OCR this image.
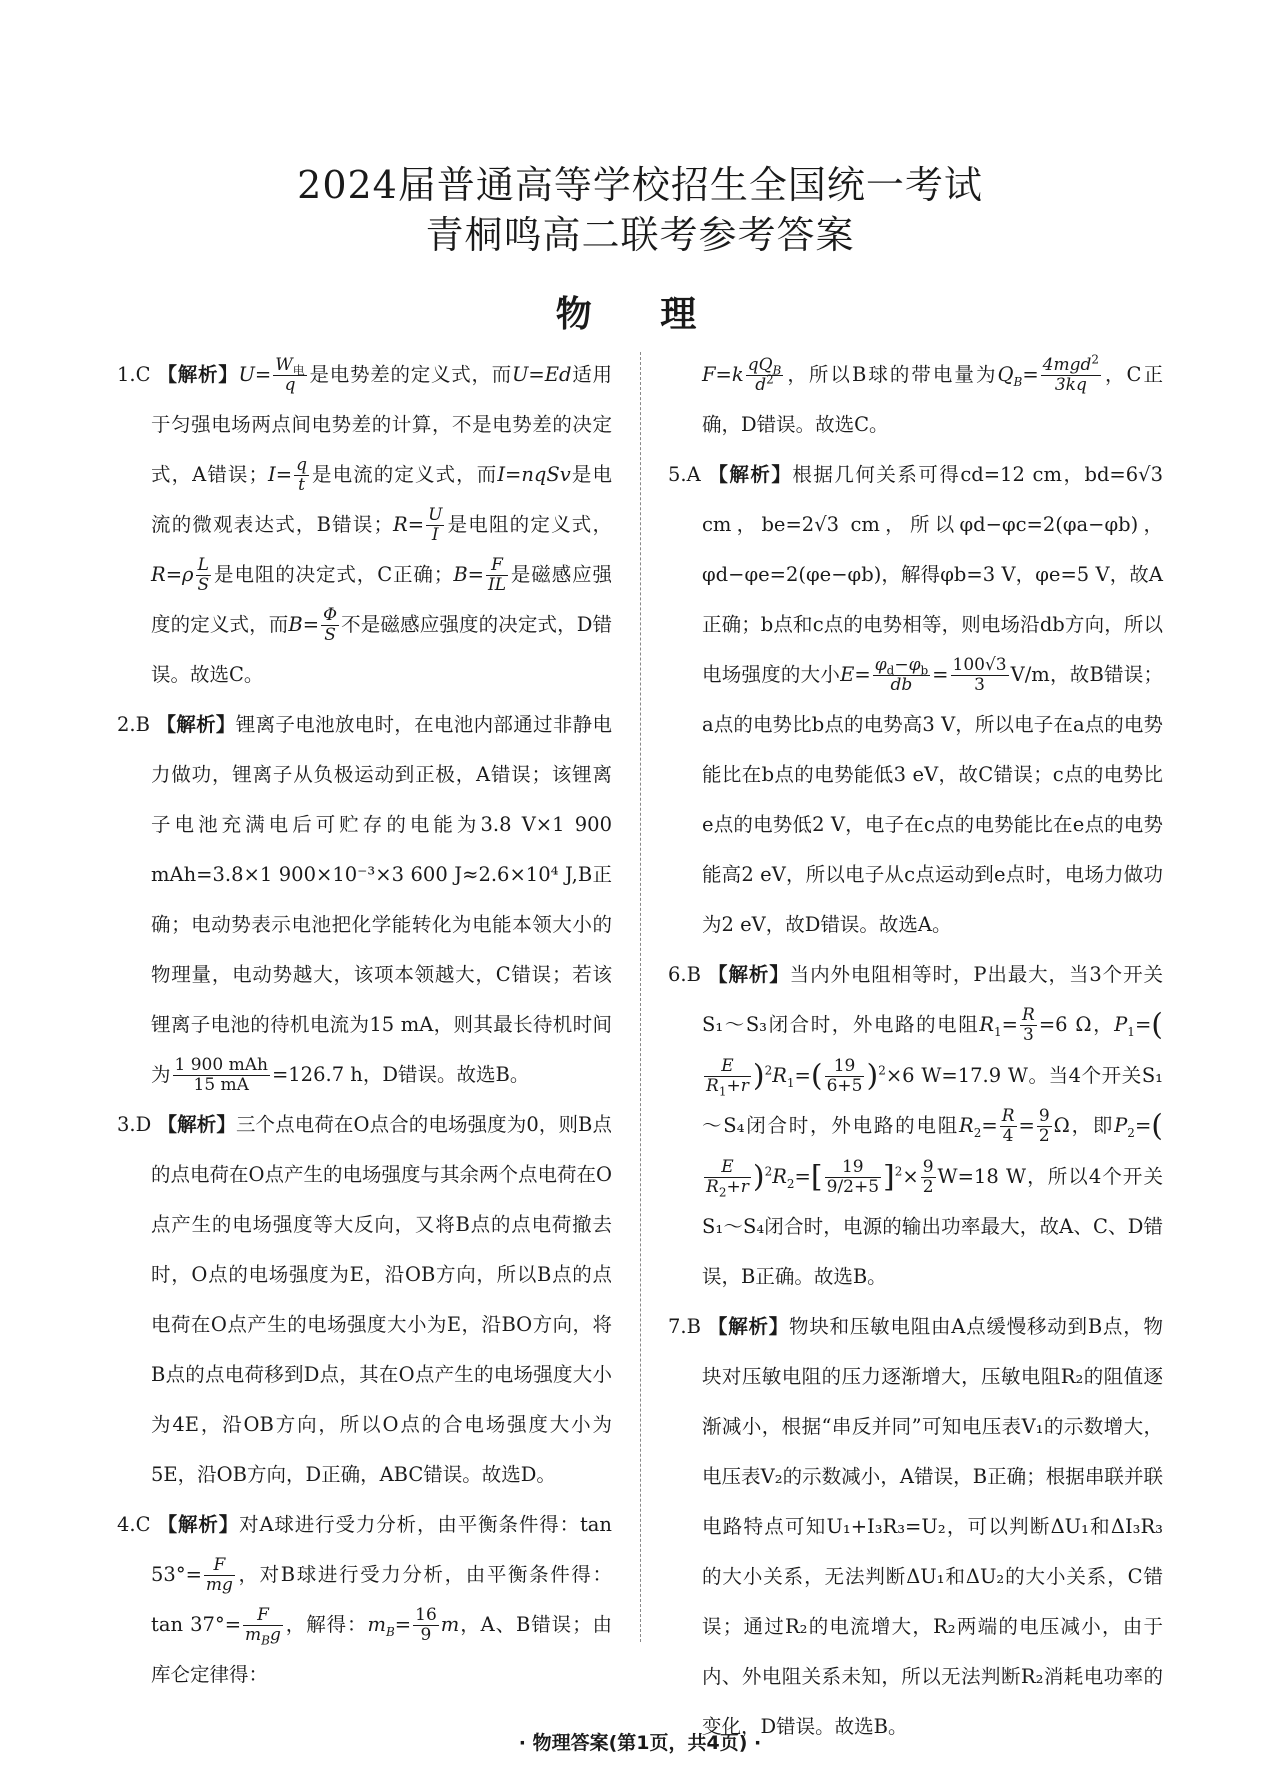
2024届普通高等学校招生全国统一考试
青桐鸣高二联考参考答案
物 理
1.C 【解析】$U= \frac{W_电}{q}$ 是电势差的定义式，而U=Ed适用于匀强电场两点间电势差的计算，不是电势差的决定式，A错误；$I= \frac{q}{t}$ 是电流的定义式，而I=nqSv是电流的微观表达式，B错误；$R= \frac{U}{I}$ 是电阻的定义式，$R=\rho \frac{L}{S}$ 是电阻的决定式，C正确；$B= \frac{F}{IL}$ 是磁感应强度的定义式，而$B= \frac{\Phi}{S}$ 不是磁感应强度的决定式，D错误。故选C。
2.B 【解析】锂离子电池放电时，在电池内部通过非静电力做功，锂离子从负极运动到正极，A错误；该锂离子电池充满电后可贮存的电能为3.8 V×1 900 mAh=3.8×1 900×10⁻³×3 600 J≈2.6×10⁴ J,B正确；电动势表示电池把化学能转化为电能本领大小的物理量，电动势越大，该项本领越大，C错误；若该锂离子电池的待机电流为15 mA，则其最长待机时间为 $\frac{\text{1 900 mAh}}{15 mA} =126.7$ h，D错误。故选B。
3.D 【解析】三个点电荷在O点合的电场强度为0，则B点的点电荷在O点产生的电场强度与其余两个点电荷在O点产生的电场强度等大反向，又将B点的点电荷撤去时，O点的电场强度为E，沿OB方向，所以B点的点电荷在O点产生的电场强度大小为E，沿BO方向，将B点的点电荷移到D点，其在O点产生的电场强度大小为4E，沿OB方向，所以O点的合电场强度大小为5E，沿OB方向，D正确，ABC错误。故选D。
4.C 【解析】对A球进行受力分析，由平衡条件得：$\tan 53^\circ= \frac{F}{mg}$ ，对B球进行受力分析，由平衡条件得：$\tan 37^\circ= \frac{F}{m_Bg}$ ，解得：$m_B= \frac{16}{9}$ m，A、B错误；由库仑定律得：
$F=k \frac{qQ_B}{d^2}$ ，所以B球的带电量为$Q_B= \frac{4mgd^2}{3kq}$ ，C正确，D错误。故选C。
5.A 【解析】根据几何关系可得cd=12 cm，bd=6√3 cm，be=2√3 cm，所以φd−φc=2(φa−φb)，φd−φe=2(φe−φb)，解得φb=3 V，φe=5 V，故A正确；b点和c点的电势相等，则电场沿db方向，所以电场强度的大小$E= \frac{\varphi_d-\varphi_b}{db} = \frac{100√3}{3} V/m$，故B错误；a点的电势比b点的电势高3 V，所以电子在a点的电势能比在b点的电势能低3 eV，故C错误；c点的电势比e点的电势低2 V，电子在c点的电势能比在e点的电势能高2 eV，所以电子从c点运动到e点时，电场力做功为2 eV，故D错误。故选A。
6.B 【解析】当内外电阻相等时，P出最大，当3个开关S₁～S₃闭合时，外电路的电阻$R_1= \frac{R}{3} =6$ Ω，$P_1=$(
$\frac{E}{R_1+r} )^2R_1=( \frac{19}{6+5} )^2\times 6$ W=17.9 W。当4个开关S₁～S₄闭合时，外电路的电阻$R_2= \frac{R}{4} = \frac{9}{2}$ Ω，即$P_2=$(
$\frac{E}{R_2+r} )^2R_2=[ \frac{19}{9/2+5} ]^2\times \frac{9}{2} W=18$ W，所以4个开关S₁～S₄闭合时，电源的输出功率最大，故A、C、D错误，B正确。故选B。
7.B 【解析】物块和压敏电阻由A点缓慢移动到B点，物块对压敏电阻的压力逐渐增大，压敏电阻R₂的阻值逐渐减小，根据“串反并同”可知电压表V₁的示数增大，电压表V₂的示数减小，A错误，B正确；根据串联并联电路特点可知U₁+I₃R₃=U₂，可以判断ΔU₁和ΔI₃R₃的大小关系，无法判断ΔU₁和ΔU₂的大小关系，C错误；通过R₂的电流增大，R₂两端的电压减小，由于内、外电阻关系未知，所以无法判断R₂消耗电功率的变化，D错误。故选B。
· 物理答案(第1页，共4页) ·
